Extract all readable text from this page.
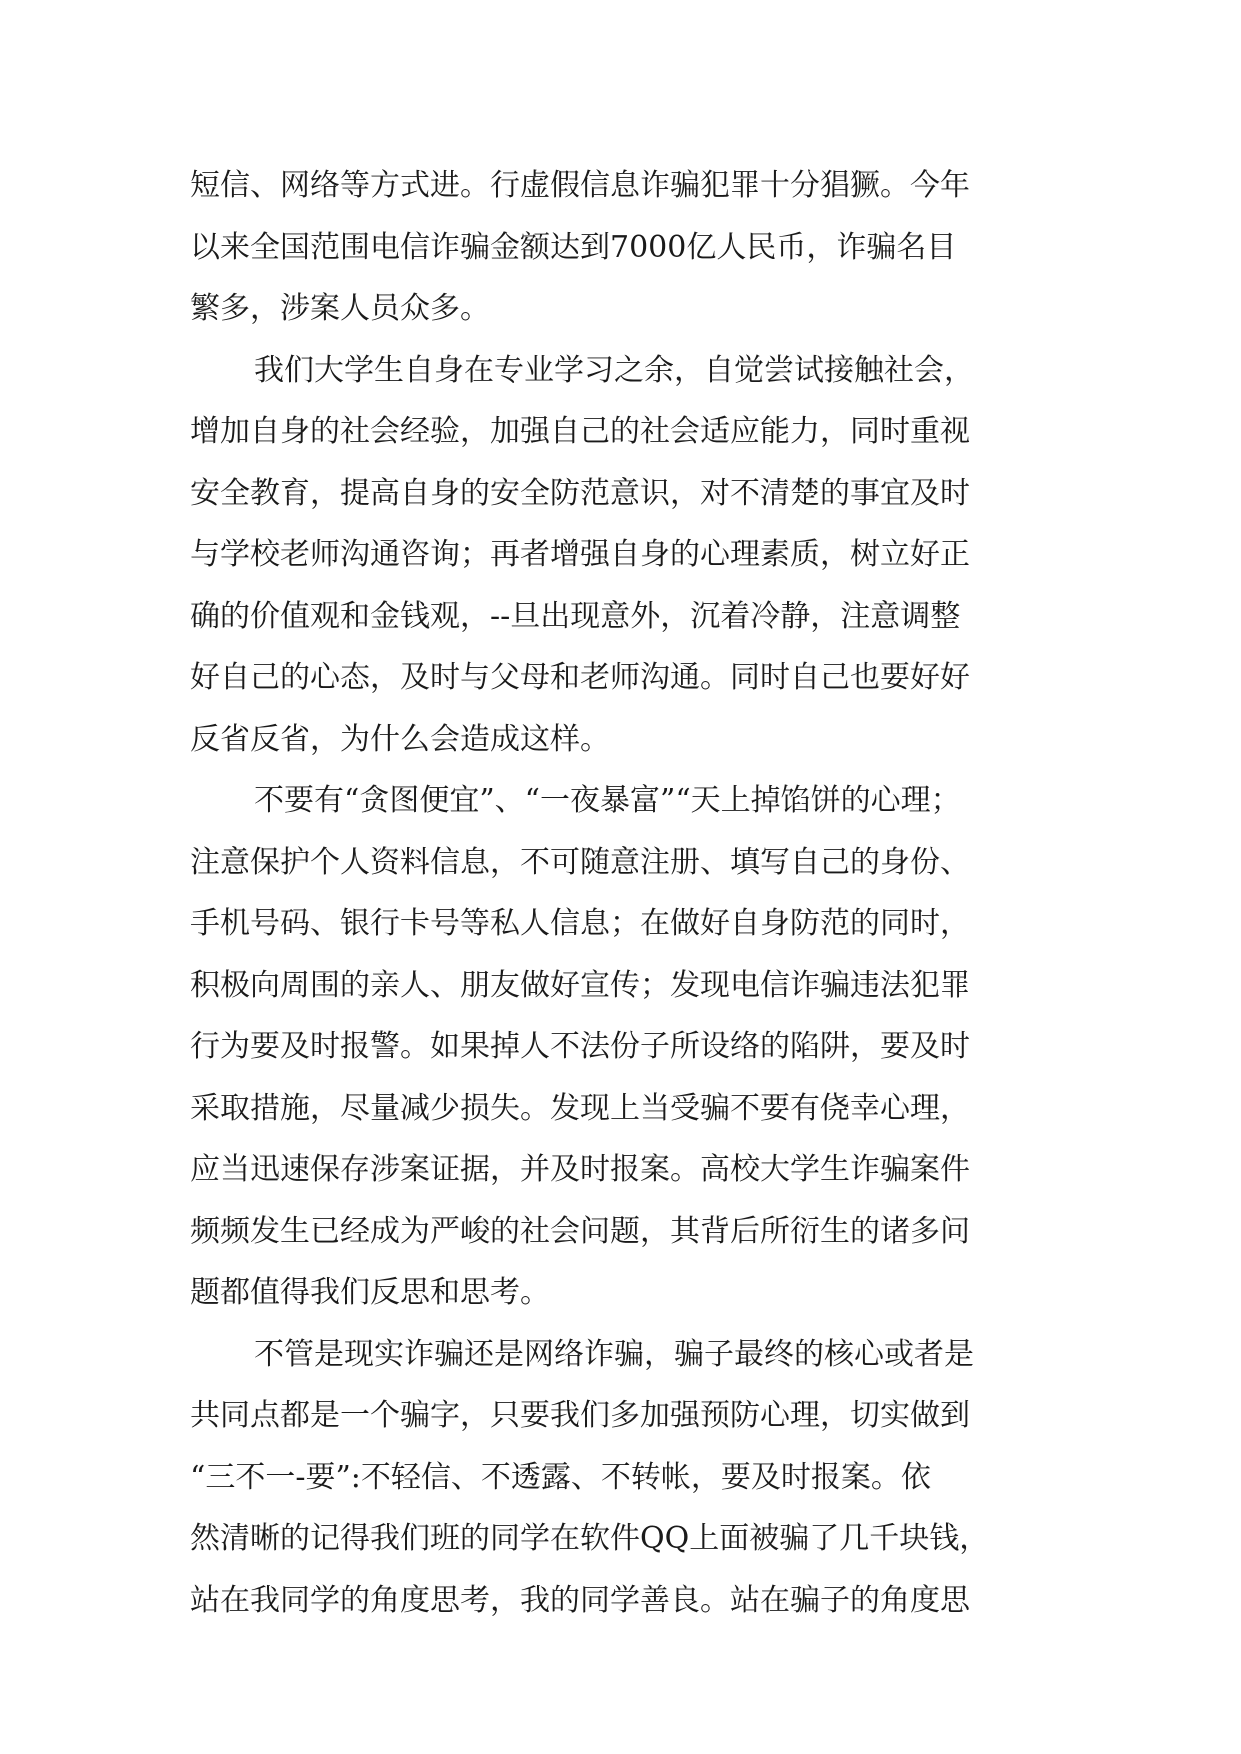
短信、网络等方式进。行虚假信息诈骗犯罪十分猖獗。今年
以来全国范围电信诈骗金额达到7000亿人民币，诈骗名目
繁多，涉案人员众多。
我们大学生自身在专业学习之余，自觉尝试接触社会，
增加自身的社会经验，加强自己的社会适应能力，同时重视
安全教育，提高自身的安全防范意识，对不清楚的事宜及时
与学校老师沟通咨询；再者增强自身的心理素质，树立好正
确的价值观和金钱观，--旦出现意外，沉着冷静，注意调整
好自己的心态，及时与父母和老师沟通。同时自己也要好好
反省反省，为什么会造成这样。
不要有“贪图便宜”、“一夜暴富”“天上掉馅饼的心理；
注意保护个人资料信息，不可随意注册、填写自己的身份、
手机号码、银行卡号等私人信息；在做好自身防范的同时，
积极向周围的亲人、朋友做好宣传；发现电信诈骗违法犯罪
行为要及时报警。如果掉人不法份子所设络的陷阱，要及时
采取措施，尽量减少损失。发现上当受骗不要有侥幸心理，
应当迅速保存涉案证据，并及时报案。高校大学生诈骗案件
频频发生已经成为严峻的社会问题，其背后所衍生的诸多问
题都值得我们反思和思考。
不管是现实诈骗还是网络诈骗，骗子最终的核心或者是
共同点都是一个骗字，只要我们多加强预防心理，切实做到
“三不一-要”:不轻信、不透露、不转帐，要及时报案。依
然清晰的记得我们班的同学在软件QQ上面被骗了几千块钱，
站在我同学的角度思考，我的同学善良。站在骗子的角度思
